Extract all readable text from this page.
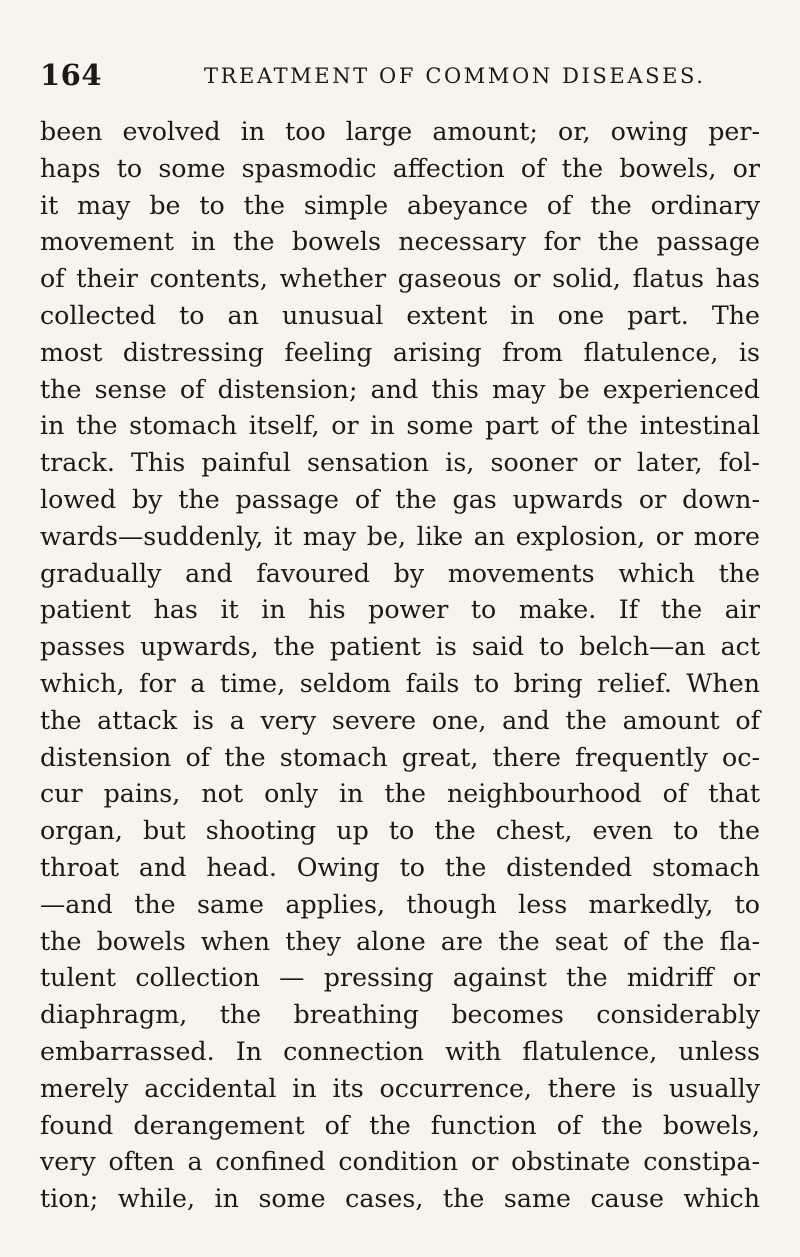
164	TREATMENT OF COMMON DISEASES.
been evolved in too large amount; or, owing per-
haps to some spasmodic affection of the bowels, or
it may be to the simple abeyance of the ordinary
movement in the bowels necessary for the passage
of their contents, whether gaseous or solid, flatus has
collected to an unusual extent in one part. The
most distressing feeling arising from flatulence, is
the sense of distension; and this may be experienced
in the stomach itself, or in some part of the intestinal
track. This painful sensation is, sooner or later, fol-
lowed by the passage of the gas upwards or down-
wards—suddenly, it may be, like an explosion, or more
gradually and favoured by movements which the
patient has it in his power to make. If the air
passes upwards, the patient is said to belch—an act
which, for a time, seldom fails to bring relief. When
the attack is a very severe one, and the amount of
distension of the stomach great, there frequently oc-
cur pains, not only in the neighbourhood of that
organ, but shooting up to the chest, even to the
throat and head. Owing to the distended stomach
—and the same applies, though less markedly, to
the bowels when they alone are the seat of the fla-
tulent collection — pressing against the midriff or
diaphragm, the breathing becomes considerably
embarrassed. In connection with flatulence, unless
merely accidental in its occurrence, there is usually
found derangement of the function of the bowels,
very often a confined condition or obstinate constipa-
tion; while, in some cases, the same cause which
